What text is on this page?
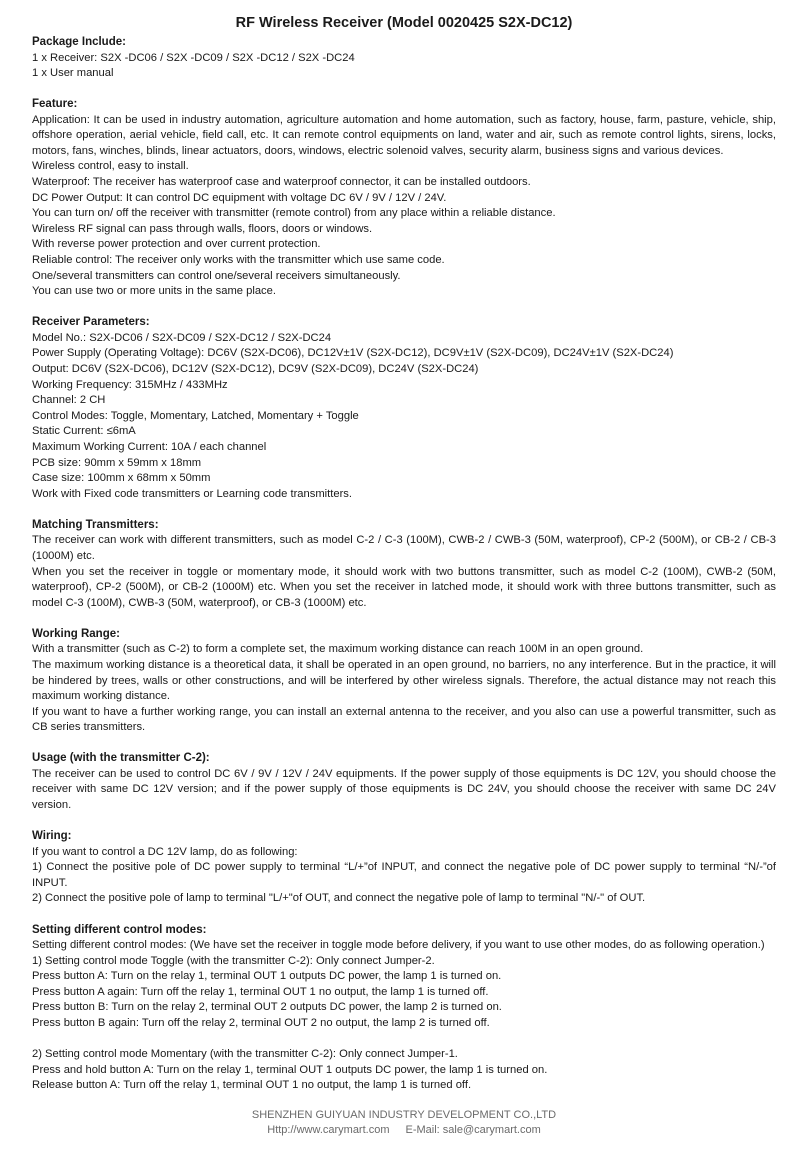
RF Wireless Receiver (Model 0020425 S2X-DC12)
Package Include:
1 x Receiver: S2X -DC06 / S2X -DC09 / S2X -DC12 / S2X -DC24
1 x User manual
Feature:
Application: It can be used in industry automation, agriculture automation and home automation, such as factory, house, farm, pasture, vehicle, ship, offshore operation, aerial vehicle, field call, etc. It can remote control equipments on land, water and air, such as remote control lights, sirens, locks, motors, fans, winches, blinds, linear actuators, doors, windows, electric solenoid valves, security alarm, business signs and various devices.
Wireless control, easy to install.
Waterproof: The receiver has waterproof case and waterproof connector, it can be installed outdoors.
DC Power Output: It can control DC equipment with voltage DC 6V / 9V / 12V / 24V.
You can turn on/ off the receiver with transmitter (remote control) from any place within a reliable distance.
Wireless RF signal can pass through walls, floors, doors or windows.
With reverse power protection and over current protection.
Reliable control: The receiver only works with the transmitter which use same code.
One/several transmitters can control one/several receivers simultaneously.
You can use two or more units in the same place.
Receiver Parameters:
Model No.: S2X-DC06 / S2X-DC09 / S2X-DC12 / S2X-DC24
Power Supply (Operating Voltage): DC6V (S2X-DC06), DC12V±1V (S2X-DC12), DC9V±1V (S2X-DC09), DC24V±1V (S2X-DC24)
Output: DC6V (S2X-DC06), DC12V (S2X-DC12), DC9V (S2X-DC09), DC24V (S2X-DC24)
Working Frequency: 315MHz / 433MHz
Channel: 2 CH
Control Modes: Toggle, Momentary, Latched, Momentary + Toggle
Static Current: ≤6mA
Maximum Working Current: 10A / each channel
PCB size: 90mm x 59mm x 18mm
Case size: 100mm x 68mm x 50mm
Work with Fixed code transmitters or Learning code transmitters.
Matching Transmitters:
The receiver can work with different transmitters, such as model C-2 / C-3 (100M), CWB-2 / CWB-3 (50M, waterproof), CP-2 (500M), or CB-2 / CB-3 (1000M) etc.
When you set the receiver in toggle or momentary mode, it should work with two buttons transmitter, such as model C-2 (100M), CWB-2 (50M, waterproof), CP-2 (500M), or CB-2 (1000M) etc. When you set the receiver in latched mode, it should work with three buttons transmitter, such as model C-3 (100M), CWB-3 (50M, waterproof), or CB-3 (1000M) etc.
Working Range:
With a transmitter (such as C-2) to form a complete set, the maximum working distance can reach 100M in an open ground.
The maximum working distance is a theoretical data, it shall be operated in an open ground, no barriers, no any interference. But in the practice, it will be hindered by trees, walls or other constructions, and will be interfered by other wireless signals. Therefore, the actual distance may not reach this maximum working distance.
If you want to have a further working range, you can install an external antenna to the receiver, and you also can use a powerful transmitter, such as CB series transmitters.
Usage (with the transmitter C-2):
The receiver can be used to control DC 6V / 9V / 12V / 24V equipments. If the power supply of those equipments is DC 12V, you should choose the receiver with same DC 12V version; and if the power supply of those equipments is DC 24V, you should choose the receiver with same DC 24V version.
Wiring:
If you want to control a DC 12V lamp, do as following:
1) Connect the positive pole of DC power supply to terminal “L/+”of INPUT, and connect the negative pole of DC power supply to terminal “N/-”of INPUT.
2) Connect the positive pole of lamp to terminal "L/+"of OUT, and connect the negative pole of lamp to terminal "N/-" of OUT.
Setting different control modes:
Setting different control modes: (We have set the receiver in toggle mode before delivery, if you want to use other modes, do as following operation.)
1) Setting control mode Toggle (with the transmitter C-2): Only connect Jumper-2.
Press button A: Turn on the relay 1, terminal OUT 1 outputs DC power, the lamp 1 is turned on.
Press button A again: Turn off the relay 1, terminal OUT 1 no output, the lamp 1 is turned off.
Press button B: Turn on the relay 2, terminal OUT 2 outputs DC power, the lamp 2 is turned on.
Press button B again: Turn off the relay 2, terminal OUT 2 no output, the lamp 2 is turned off.
2) Setting control mode Momentary (with the transmitter C-2): Only connect Jumper-1.
Press and hold button A: Turn on the relay 1, terminal OUT 1 outputs DC power, the lamp 1 is turned on.
Release button A: Turn off the relay 1, terminal OUT 1 no output, the lamp 1 is turned off.
SHENZHEN GUIYUAN INDUSTRY DEVELOPMENT CO.,LTD
Http://www.carymart.com E-Mail: sale@carymart.com
